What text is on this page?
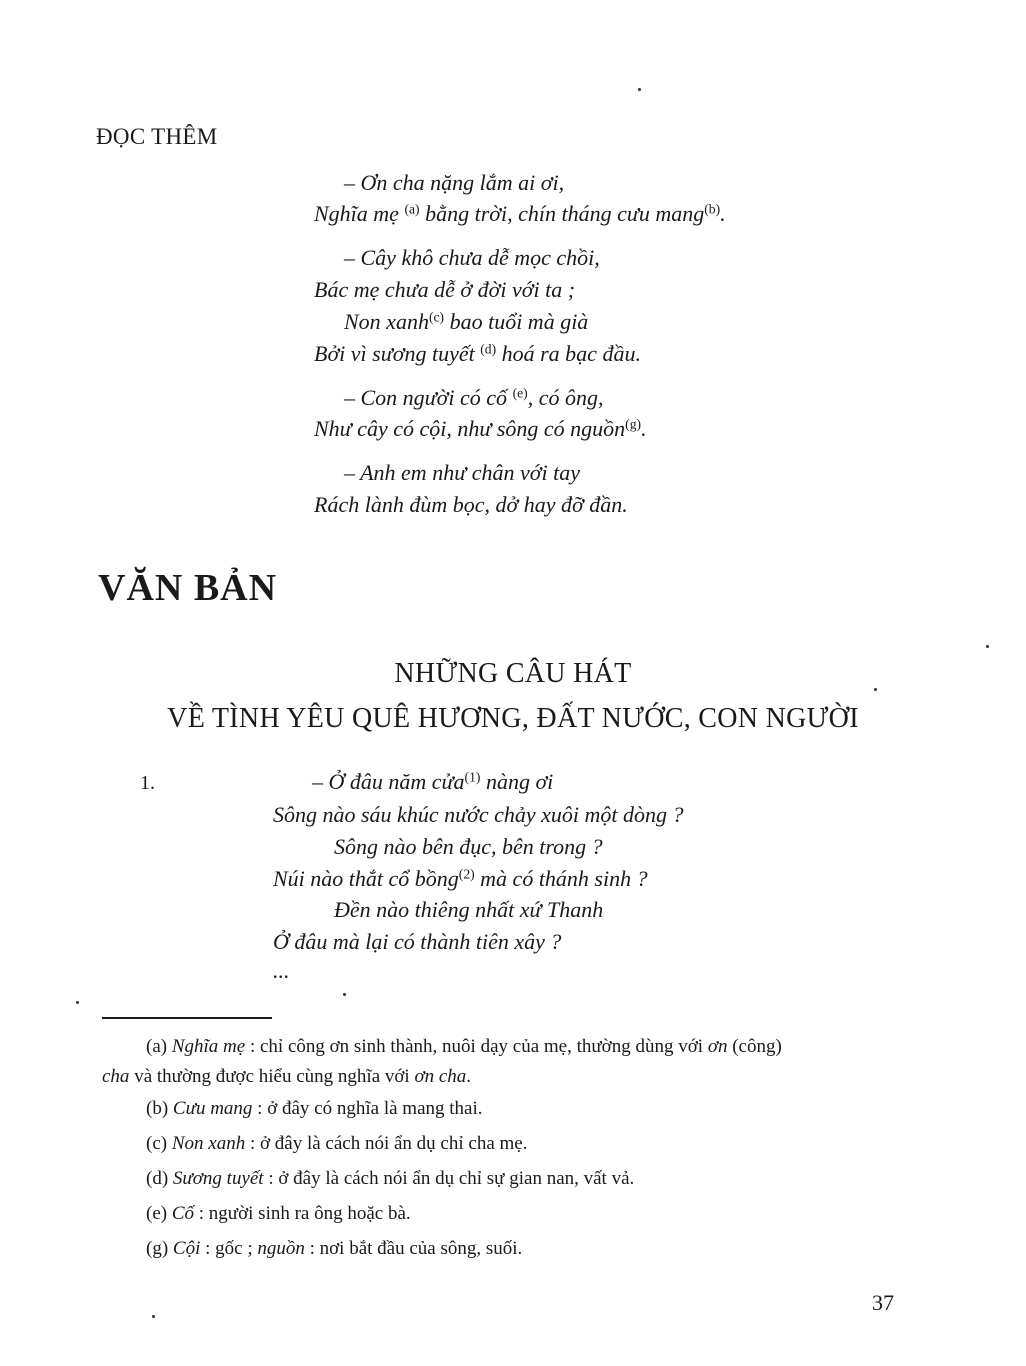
ĐỌC THÊM
– Ơn cha nặng lắm ai ơi,
Nghĩa mẹ $^{(a)}$ bằng trời, chín tháng cưu mang$^{(b)}$.
– Cây khô chưa dễ mọc chồi,
Bác mẹ chưa dễ ở đời với ta ;
Non xanh$^{(c)}$ bao tuổi mà già
Bởi vì sương tuyết $^{(d)}$ hoá ra bạc đầu.
– Con người có cố $^{(e)}$, có ông,
Như cây có cội, như sông có nguồn$^{(g)}$.
– Anh em như chân với tay
Rách lành đùm bọc, dở hay đỡ đần.
VĂN BẢN
NHỮNG CÂU HÁT
VỀ TÌNH YÊU QUÊ HƯƠNG, ĐẤT NƯỚC, CON NGƯỜI
1.	– Ở đâu năm cửa$^{(1)}$ nàng ơi
Sông nào sáu khúc nước chảy xuôi một dòng ?
Sông nào bên đục, bên trong ?
Núi nào thắt cổ bồng$^{(2)}$ mà có thánh sinh ?
Đền nào thiêng nhất xứ Thanh
Ở đâu mà lại có thành tiên xây ?
...
(a) Nghĩa mẹ : chỉ công ơn sinh thành, nuôi dạy của mẹ, thường dùng với ơn (công)
cha và thường được hiểu cùng nghĩa với ơn cha.
(b) Cưu mang : ở đây có nghĩa là mang thai.
(c) Non xanh : ở đây là cách nói ẩn dụ chỉ cha mẹ.
(d) Sương tuyết : ở đây là cách nói ẩn dụ chỉ sự gian nan, vất vả.
(e) Cố : người sinh ra ông hoặc bà.
(g) Cội : gốc ; nguồn : nơi bắt đầu của sông, suối.
37
